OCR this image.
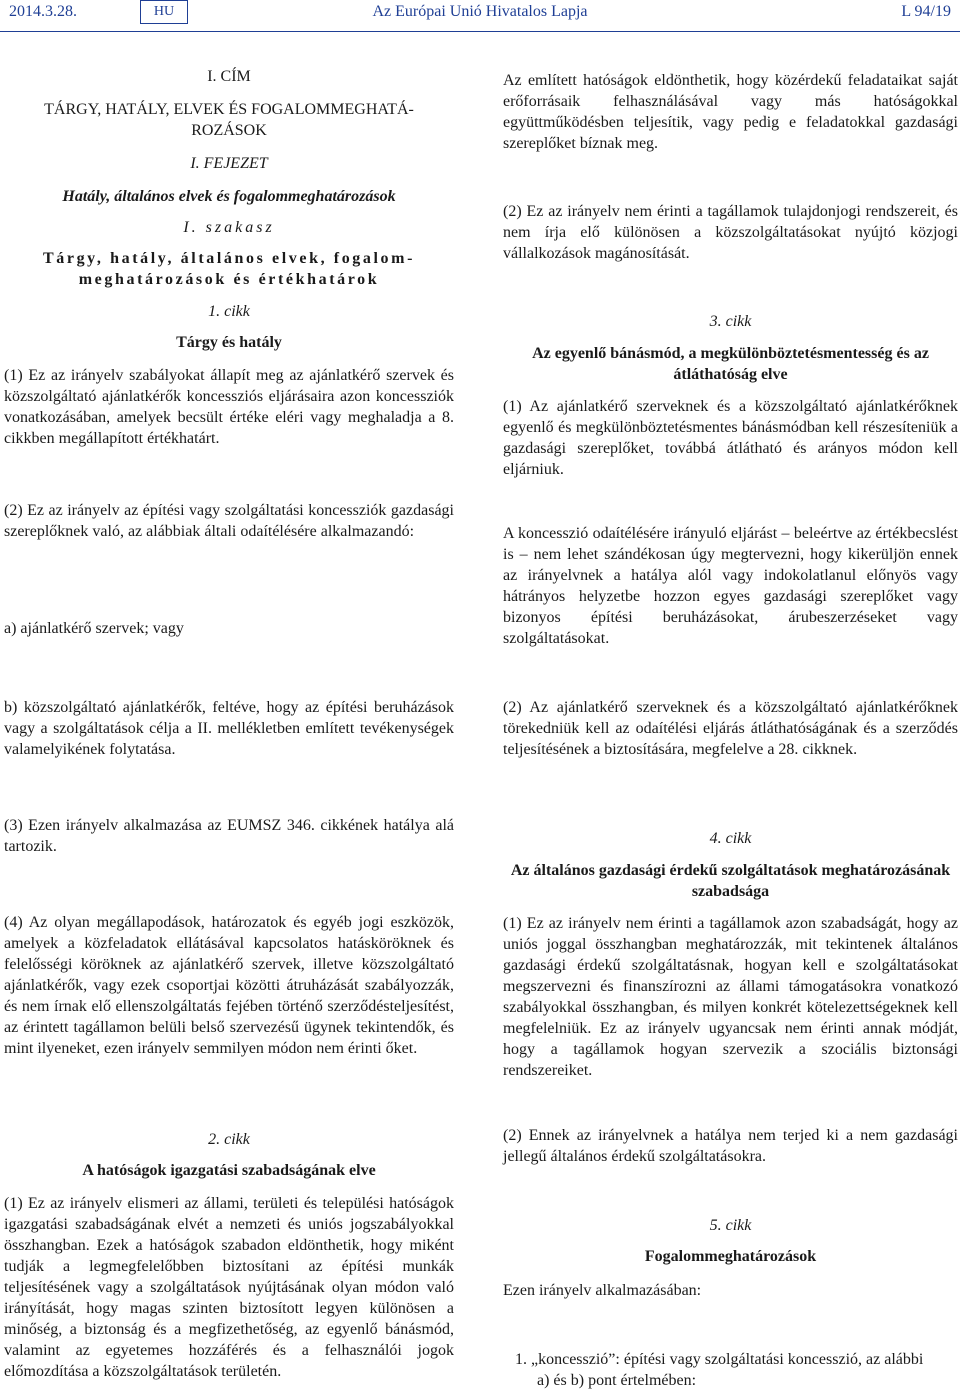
2014.3.28.	HU	Az Európai Unió Hivatalos Lapja	L 94/19
I. CÍM
TÁRGY, HATÁLY, ELVEK ÉS FOGALOMMEGHATÁ-
ROZÁSOK
I. FEJEZET
Hatály, általános elvek és fogalommeghatározások
I. szakasz
Tárgy, hatály, általános elvek, fogalom-
meghatározások és értékhatárok
1. cikk
Tárgy és hatály

(1) Ez az irányelv szabályokat állapít meg az ajánlatkérő szervek és közszolgáltató ajánlatkérők koncessziós eljárásaira azon koncessziók vonatkozásában, amelyek becsült értéke eléri vagy meghaladja a 8. cikkben megállapított értékhatárt.

(2) Ez az irányelv az építési vagy szolgáltatási koncessziók gazdasági szereplőknek való, az alábbiak általi odaítélésére alkalmazandó:

a) ajánlatkérő szervek; vagy

b) közszolgáltató ajánlatkérők, feltéve, hogy az építési beruházások vagy a szolgáltatások célja a II. mellékletben említett tevékenységek valamelyikének folytatása.

(3) Ezen irányelv alkalmazása az EUMSZ 346. cikkének hatálya alá tartozik.

(4) Az olyan megállapodások, határozatok és egyéb jogi eszközök, amelyek a közfeladatok ellátásával kapcsolatos hatásköröknek és felelősségi köröknek az ajánlatkérő szervek, illetve közszolgáltató ajánlatkérők, vagy ezek csoportjai közötti átruházását szabályozzák, és nem írnak elő ellenszolgáltatás fejében történő szerződésteljesítést, az érintett tagállamon belüli belső szervezésű ügynek tekintendők, és mint ilyeneket, ezen irányelv semmilyen módon nem érinti őket.

2. cikk
A hatóságok igazgatási szabadságának elve

(1) Ez az irányelv elismeri az állami, területi és települési hatóságok igazgatási szabadságának elvét a nemzeti és uniós jogszabályokkal összhangban. Ezek a hatóságok szabadon eldönthetik, hogy miként tudják a legmegfelelőbben biztosítani az építési munkák teljesítésének vagy a szolgáltatások nyújtásának olyan módon való irányítását, hogy magas szinten biztosított legyen különösen a minőség, a biztonság és a megfizethetőség, az egyenlő bánásmód, valamint az egyetemes hozzáférés és a felhasználói jogok előmozdítása a közszolgáltatások területén.

Az említett hatóságok eldönthetik, hogy közérdekű feladataikat saját erőforrásaik felhasználásával vagy más hatóságokkal együttműködésben teljesítik, vagy pedig e feladatokkal gazdasági szereplőket bíznak meg.

(2) Ez az irányelv nem érinti a tagállamok tulajdonjogi rendszereit, és nem írja elő különösen a közszolgáltatásokat nyújtó közjogi vállalkozások magánosítását.

3. cikk
Az egyenlő bánásmód, a megkülönböztetésmentesség és az átláthatóság elve

(1) Az ajánlatkérő szerveknek és a közszolgáltató ajánlatkérőknek egyenlő és megkülönböztetésmentes bánásmódban kell részesíteniük a gazdasági szereplőket, továbbá átlátható és arányos módon kell eljárniuk.

A koncesszió odaítélésére irányuló eljárást – beleértve az értékbecslést is – nem lehet szándékosan úgy megtervezni, hogy kikerüljön ennek az irányelvnek a hatálya alól vagy indokolatlanul előnyös vagy hátrányos helyzetbe hozzon egyes gazdasági szereplőket vagy bizonyos építési beruházásokat, árubeszerzéseket vagy szolgáltatásokat.

(2) Az ajánlatkérő szerveknek és a közszolgáltató ajánlatkérőknek törekedniük kell az odaítélési eljárás átláthatóságának és a szerződés teljesítésének a biztosítására, megfelelve a 28. cikknek.

4. cikk
Az általános gazdasági érdekű szolgáltatások meghatározásának szabadsága

(1) Ez az irányelv nem érinti a tagállamok azon szabadságát, hogy az uniós joggal összhangban meghatározzák, mit tekintenek általános gazdasági érdekű szolgáltatásnak, hogyan kell e szolgáltatásokat megszervezni és finanszírozni az állami támogatásokra vonatkozó szabályokkal összhangban, és milyen konkrét kötelezettségeknek kell megfelelniük. Ez az irányelv ugyancsak nem érinti annak módját, hogy a tagállamok hogyan szervezik a szociális biztonsági rendszereiket.

(2) Ennek az irányelvnek a hatálya nem terjed ki a nem gazdasági jellegű általános érdekű szolgáltatásokra.

5. cikk
Fogalommeghatározások

Ezen irányelv alkalmazásában:

1. „koncesszió”: építési vagy szolgáltatási koncesszió, az alábbi

a) és b) pont értelmében:
